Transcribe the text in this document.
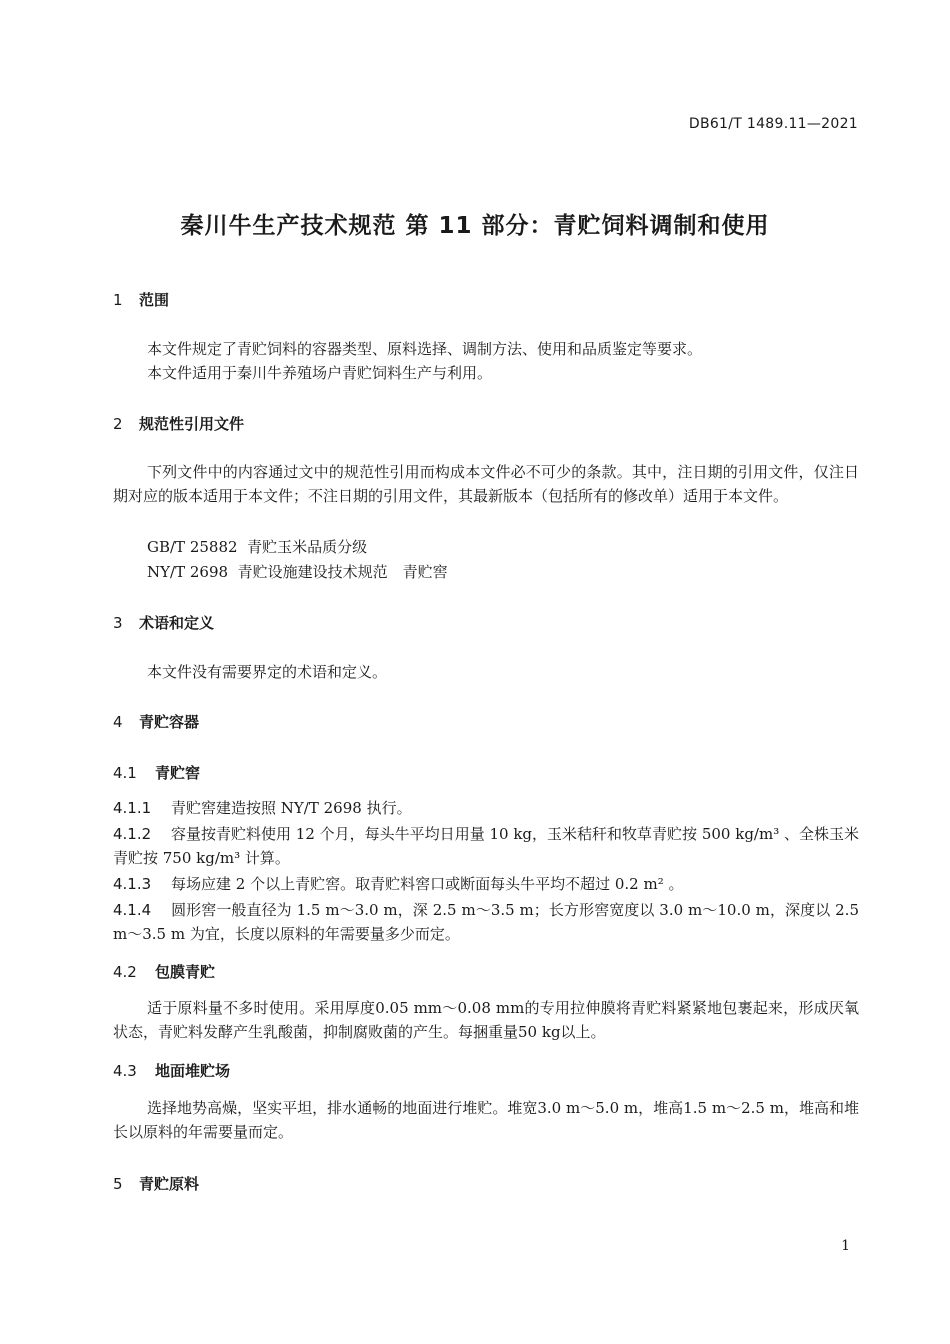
DB61/T 1489.11—2021
秦川牛生产技术规范 第 11 部分：青贮饲料调制和使用
1 范围
本文件规定了青贮饲料的容器类型、原料选择、调制方法、使用和品质鉴定等要求。
本文件适用于秦川牛养殖场户青贮饲料生产与利用。
2 规范性引用文件
下列文件中的内容通过文中的规范性引用而构成本文件必不可少的条款。其中，注日期的引用文件，仅注日期对应的版本适用于本文件；不注日期的引用文件，其最新版本（包括所有的修改单）适用于本文件。
GB/T 25882 青贮玉米品质分级
NY/T 2698 青贮设施建设技术规范　青贮窖
3 术语和定义
本文件没有需要界定的术语和定义。
4 青贮容器
4.1 青贮窖
4.1.1 青贮窖建造按照 NY/T 2698 执行。
4.1.2 容量按青贮料使用 12 个月，每头牛平均日用量 10 kg，玉米秸秆和牧草青贮按 500 kg/m³ 、全株玉米青贮按 750 kg/m³ 计算。
4.1.3 每场应建 2 个以上青贮窖。取青贮料窖口或断面每头牛平均不超过 0.2 m² 。
4.1.4 圆形窖一般直径为 1.5 m～3.0 m，深 2.5 m～3.5 m；长方形窖宽度以 3.0 m～10.0 m，深度以 2.5 m～3.5 m 为宜，长度以原料的年需要量多少而定。
4.2 包膜青贮
适于原料量不多时使用。采用厚度0.05 mm～0.08 mm的专用拉伸膜将青贮料紧紧地包裹起来，形成厌氧状态，青贮料发酵产生乳酸菌，抑制腐败菌的产生。每捆重量50 kg以上。
4.3 地面堆贮场
选择地势高燥，坚实平坦，排水通畅的地面进行堆贮。堆宽3.0 m～5.0 m，堆高1.5 m～2.5 m，堆高和堆长以原料的年需要量而定。
5 青贮原料
1
